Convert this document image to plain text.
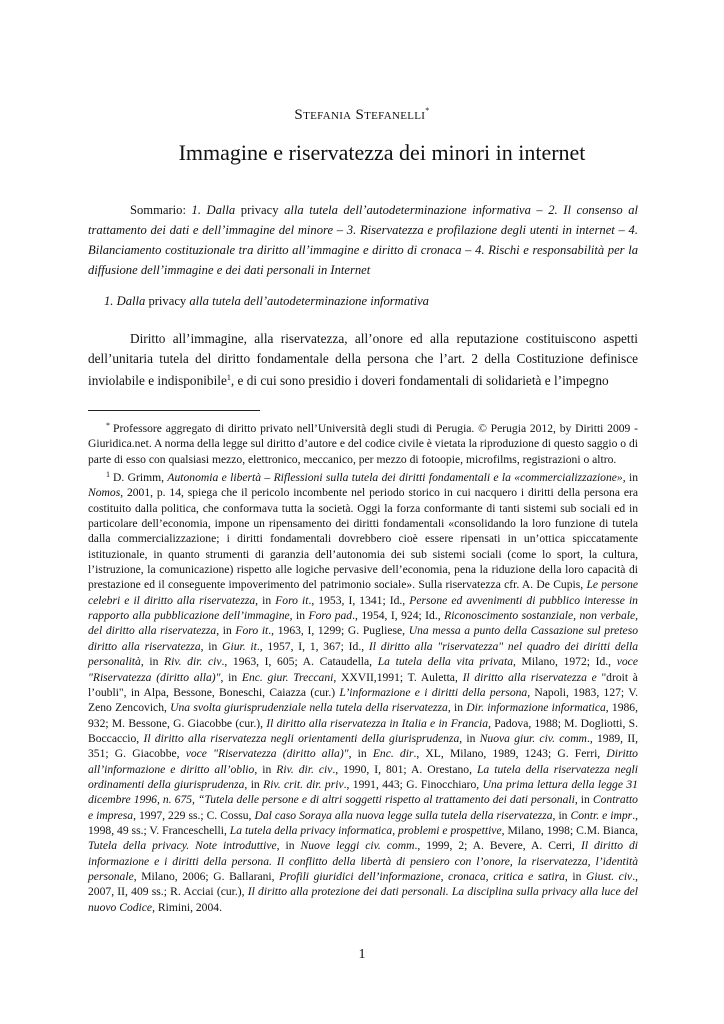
Stefania Stefanelli*
Immagine e riservatezza dei minori in internet

Sommario: 1. Dalla privacy alla tutela dell’autodeterminazione informativa – 2. Il consenso al trattamento dei dati e dell’immagine del minore – 3. Riservatezza e profilazione degli utenti in internet – 4. Bilanciamento costituzionale tra diritto all’immagine e diritto di cronaca – 4. Rischi e responsabilità per la diffusione dell’immagine e dei dati personali in Internet

1. Dalla privacy alla tutela dell’autodeterminazione informativa

Diritto all’immagine, alla riservatezza, all’onore ed alla reputazione costituiscono aspetti dell’unitaria tutela del diritto fondamentale della persona che l’art. 2 della Costituzione definisce inviolabile e indisponibile$^1$, e di cui sono presidio i doveri fondamentali di solidarietà e l’impegno

* Professore aggregato di diritto privato nell’Università degli studi di Perugia. © Perugia 2012, by Diritti 2009 - Giuridica.net. A norma della legge sul diritto d’autore e del codice civile è vietata la riproduzione di questo saggio o di parte di esso con qualsiasi mezzo, elettronico, meccanico, per mezzo di fotoopie, microfilms, registrazioni o altro.

$^1$ D. Grimm, Autonomia e libertà – Riflessioni sulla tutela dei diritti fondamentali e la «commercializzazione», in Nomos, 2001, p. 14, spiega che il pericolo incombente nel periodo storico in cui nacquero i diritti della persona era costituito dalla politica, che conformava tutta la società. Oggi la forza conformante di tanti sistemi sub sociali ed in particolare dell’economia, impone un ripensamento dei diritti fondamentali «consolidando la loro funzione di tutela dalla commercializzazione; i diritti fondamentali dovrebbero cioè essere ripensati in un’ottica spiccatamente istituzionale, in quanto strumenti di garanzia dell’autonomia dei sub sistemi sociali (come lo sport, la cultura, l’istruzione, la comunicazione) rispetto alle logiche pervasive dell’economia, pena la riduzione della loro capacità di prestazione ed il conseguente impoverimento del patrimonio sociale». Sulla riservatezza cfr. A. De Cupis, Le persone celebri e il diritto alla riservatezza, in Foro it., 1953, I, 1341; Id., Persone ed avvenimenti di pubblico interesse in rapporto alla pubblicazione dell’immagine, in Foro pad., 1954, I, 924; Id., Riconoscimento sostanziale, non verbale, del diritto alla riservatezza, in Foro it., 1963, I, 1299; G. Pugliese, Una messa a punto della Cassazione sul preteso diritto alla riservatezza, in Giur. it., 1957, I, 1, 367; Id., Il diritto alla "riservatezza" nel quadro dei diritti della personalità, in Riv. dir. civ., 1963, I, 605; A. Cataudella, La tutela della vita privata, Milano, 1972; Id., voce "Riservatezza (diritto alla)", in Enc. giur. Treccani, XXVII,1991; T. Auletta, Il diritto alla riservatezza e "droit à l’oubli", in Alpa, Bessone, Boneschi, Caiazza (cur.) L’informazione e i diritti della persona, Napoli, 1983, 127; V. Zeno Zencovich, Una svolta giurisprudenziale nella tutela della riservatezza, in Dir. informazione informatica, 1986, 932; M. Bessone, G. Giacobbe (cur.), Il diritto alla riservatezza in Italia e in Francia, Padova, 1988; M. Dogliotti, S. Boccaccio, Il diritto alla riservatezza negli orientamenti della giurisprudenza, in Nuova giur. civ. comm., 1989, II, 351; G. Giacobbe, voce "Riservatezza (diritto alla)", in Enc. dir., XL, Milano, 1989, 1243; G. Ferri, Diritto all’informazione e diritto all’oblio, in Riv. dir. civ., 1990, I, 801; A. Orestano, La tutela della riservatezza negli ordinamenti della giurisprudenza, in Riv. crit. dir. priv., 1991, 443; G. Finocchiaro, Una prima lettura della legge 31 dicembre 1996, n. 675, “Tutela delle persone e di altri soggetti rispetto al trattamento dei dati personali, in Contratto e impresa, 1997, 229 ss.; C. Cossu, Dal caso Soraya alla nuova legge sulla tutela della riservatezza, in Contr. e impr., 1998, 49 ss.; V. Franceschelli, La tutela della privacy informatica, problemi e prospettive, Milano, 1998; C.M. Bianca, Tutela della privacy. Note introduttive, in Nuove leggi civ. comm., 1999, 2; A. Bevere, A. Cerri, Il diritto di informazione e i diritti della persona. Il conflitto della libertà di pensiero con l’onore, la riservatezza, l’identità personale, Milano, 2006; G. Ballarani, Profili giuridici dell’informazione, cronaca, critica e satira, in Giust. civ., 2007, II, 409 ss.; R. Acciai (cur.), Il diritto alla protezione dei dati personali. La disciplina sulla privacy alla luce del nuovo Codice, Rimini, 2004.

1
